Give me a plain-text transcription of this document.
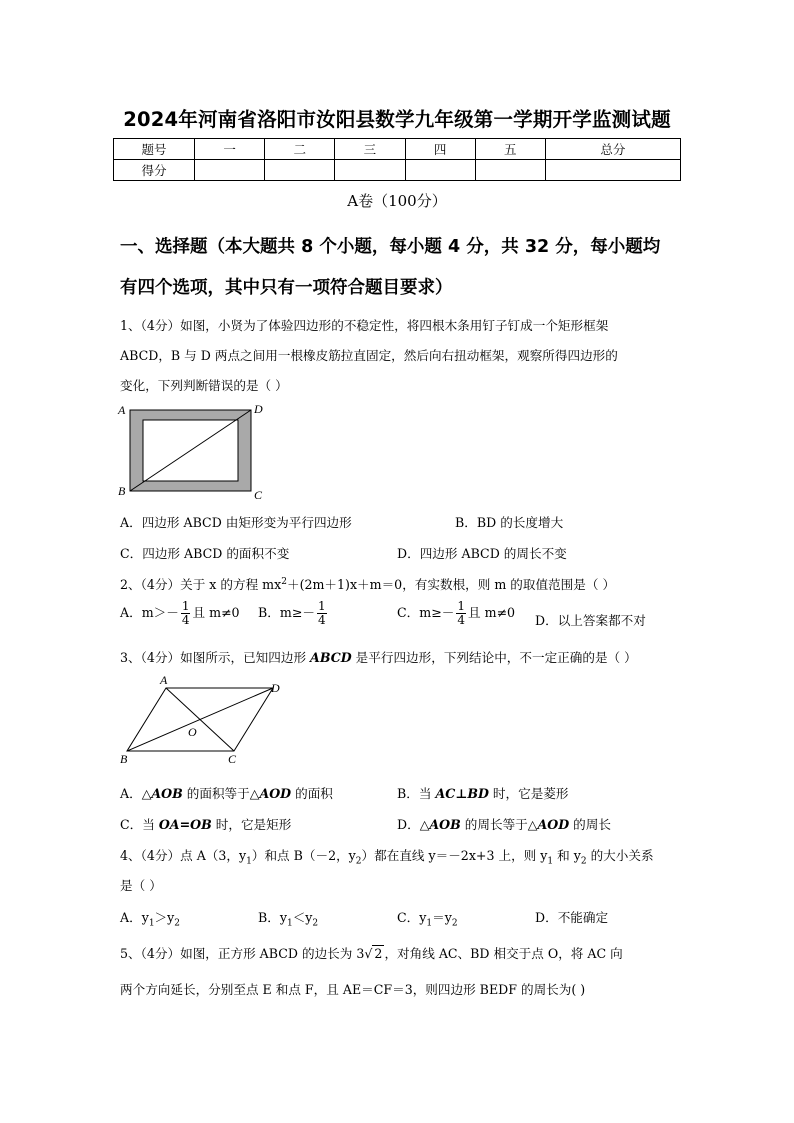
2024年河南省洛阳市汝阳县数学九年级第一学期开学监测试题
题号	一	二	三	四	五	总分
得分						
A卷（100分）
一、选择题（本大题共 8 个小题，每小题 4 分，共 32 分，每小题均
有四个选项，其中只有一项符合题目要求）
1、（4分）如图，小贤为了体验四边形的不稳定性，将四根木条用钉子钉成一个矩形框架
ABCD，B 与 D 两点之间用一根橡皮筋拉直固定，然后向右扭动框架，观察所得四边形的
变化，下列判断错误的是（ ）
A	D
B	C
A．四边形 ABCD 由矩形变为平行四边形	B．BD 的长度增大
C．四边形 ABCD 的面积不变	D．四边形 ABCD 的周长不变
2、（4分）关于 x 的方程 $mx^2+(2m+1)x+m=0$，有实数根，则 m 的取值范围是（ ）
A．$m>- \frac{1}{4}$ 且 m≠0 B．$m\ge- \frac{1}{4}$	C．$m\ge- \frac{1}{4}$ 且 m≠0
D．以上答案都不对
3、（4分）如图所示，已知四边形 ABCD 是平行四边形，下列结论中，不一定正确的是（ ）
A
D
B	C
O
A．△AOB 的面积等于△AOD 的面积	B．当 AC⊥BD 时，它是菱形
C．当 OA=OB 时，它是矩形	D．△AOB 的周长等于△AOD 的周长
4、（4分）点 A（3，$y_1$）和点 B（－2，$y_2$）都在直线 y＝－2x+3 上，则 $y_1$ 和 $y_2$ 的大小关系
是（ ）
A．$y_1>y_2$	B．$y_1<y_2$	C．$y_1=y_2$	D．不能确定
5、（4分）如图，正方形 ABCD 的边长为 3√ 2 ，对角线 AC、BD 相交于点 O，将 AC 向
两个方向延长，分别至点 E 和点 F，且 AE＝CF＝3，则四边形 BEDF 的周长为( )
